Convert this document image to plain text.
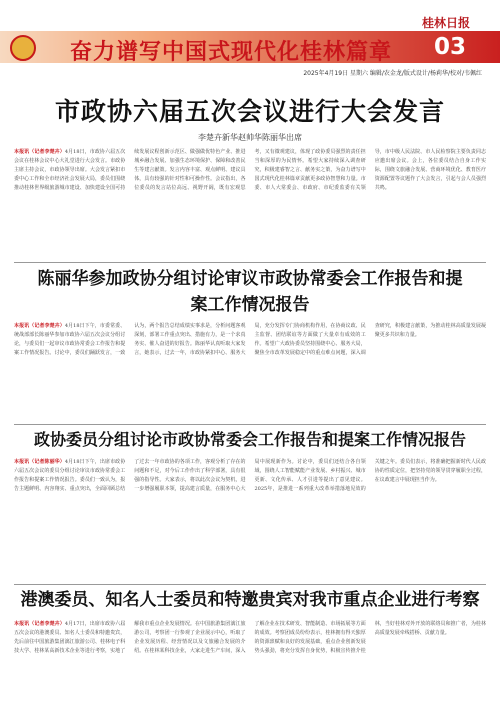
桂林日报
奋力谱写中国式现代化桂林篇章 03
2025年4月19日 星期六 编辑/农金龙/版式设计/杨莉华/校对/韦佩红
市政协六届五次会议进行大会发言
李楚卉新华赵帅华陈丽华出席
本报讯（记者李楚卉）4月18日，市政协六届五次会议在桂林会议中心大礼堂进行大会发言。市政协主席主持会议，市政协领导出席。大会发言紧扣市委中心工作和全市经济社会发展大局，委员们围绕推动桂林世界级旅游城市建设、加快建设全国可持续发展议程创新示范区、做强做优特色产业、推进城乡融合发展、加强生态环境保护、保障和改善民生等建言献策。发言内容丰富、观点鲜明、建议具体，具有较强的针对性和可操作性。会议指出，各位委员的发言站位高远、视野开阔，既有宏观思考，又有微观建议，体现了政协委员强烈的责任担当和深厚的为民情怀。希望大家持续深入调查研究，积极建睿智之言、献务实之策，为奋力谱写中国式现代化桂林篇章贡献更多政协智慧和力量。市委、市人大常委会、市政府、市纪委监委有关领导，市中级人民法院、市人民检察院主要负责同志应邀出席会议。会上，各位委员结合自身工作实际，围绕文旅融合发展、营商环境优化、教育医疗资源配置等议题作了大会发言，引起与会人员强烈共鸣。
陈丽华参加政协分组讨论审议市政协常委会工作报告和提案工作情况报告
本报讯（记者李楚卉）4月18日下午，市委常委、统战部部长陈丽华参加市政协六届五次会议分组讨论，与委员们一起审议市政协常委会工作报告和提案工作情况报告。讨论中，委员们踊跃发言，一致认为，两个报告总结成绩实事求是，分析问题客观深刻，部署工作重点突出、措施有力，是一个求真务实、催人奋进的好报告。陈丽华认真听取大家发言，她表示，过去一年，市政协紧扣中心、服务大局，充分发挥专门协商机构作用，在协商议政、民主监督、团结联谊等方面做了大量卓有成效的工作。希望广大政协委员坚持围绕中心、服务大局，聚焦全市改革发展稳定中的重点难点问题，深入调查研究，积极建言献策，为推动桂林高质量发展凝聚更多共识和力量。
政协委员分组讨论市政协常委会工作报告和提案工作情况报告
本报讯（记者陈丽华）4月18日下午，出席市政协六届五次会议的委员分组讨论审议市政协常委会工作报告和提案工作情况报告。委员们一致认为，报告主题鲜明、内容翔实、重点突出，全面回顾总结了过去一年市政协的各项工作，客观分析了存在的问题和不足，对今后工作作出了科学部署，具有很强的指导性。大家表示，将以此次会议为契机，进一步增强履职本领，提高建言质量，在服务中心大局中展现新作为。讨论中，委员们还结合各自领域，围绕人工智能赋能产业发展、乡村振兴、城市更新、文化传承、人才引进等提出了意见建议。2025年，是推进一系列重大改革举措落地见效的关键之年。委员们表示，将准确把握新时代人民政协的性质定位，把坚持党的领导贯穿履职全过程，在议政建言中展现担当作为。
港澳委员、知名人士委员和特邀贵宾对我市重点企业进行考察
本报讯（记者李楚卉）4月17日，出席市政协六届五次会议的港澳委员、知名人士委员和特邀贵宾，先后前往中国旅游集团漓江旅游公司、桂林电子科技大学、桂林某高新技术企业等进行考察，实地了解我市重点企业发展情况。在中国旅游集团漓江旅游公司，考察团一行参观了企业展示中心，听取了企业发展历程、经营情况以及文旅融合发展的介绍。在桂林某科技企业，大家走进生产车间，深入了解企业在技术研发、智能制造、市场拓展等方面的成效。考察团成员纷纷表示，桂林拥有得天独厚的资源禀赋和良好的发展基础，重点企业创新发展势头强劲，将充分发挥自身优势，积极宣传推介桂林，当好桂林对外开放的联络员和推广者，为桂林高质量发展牵线搭桥、贡献力量。
